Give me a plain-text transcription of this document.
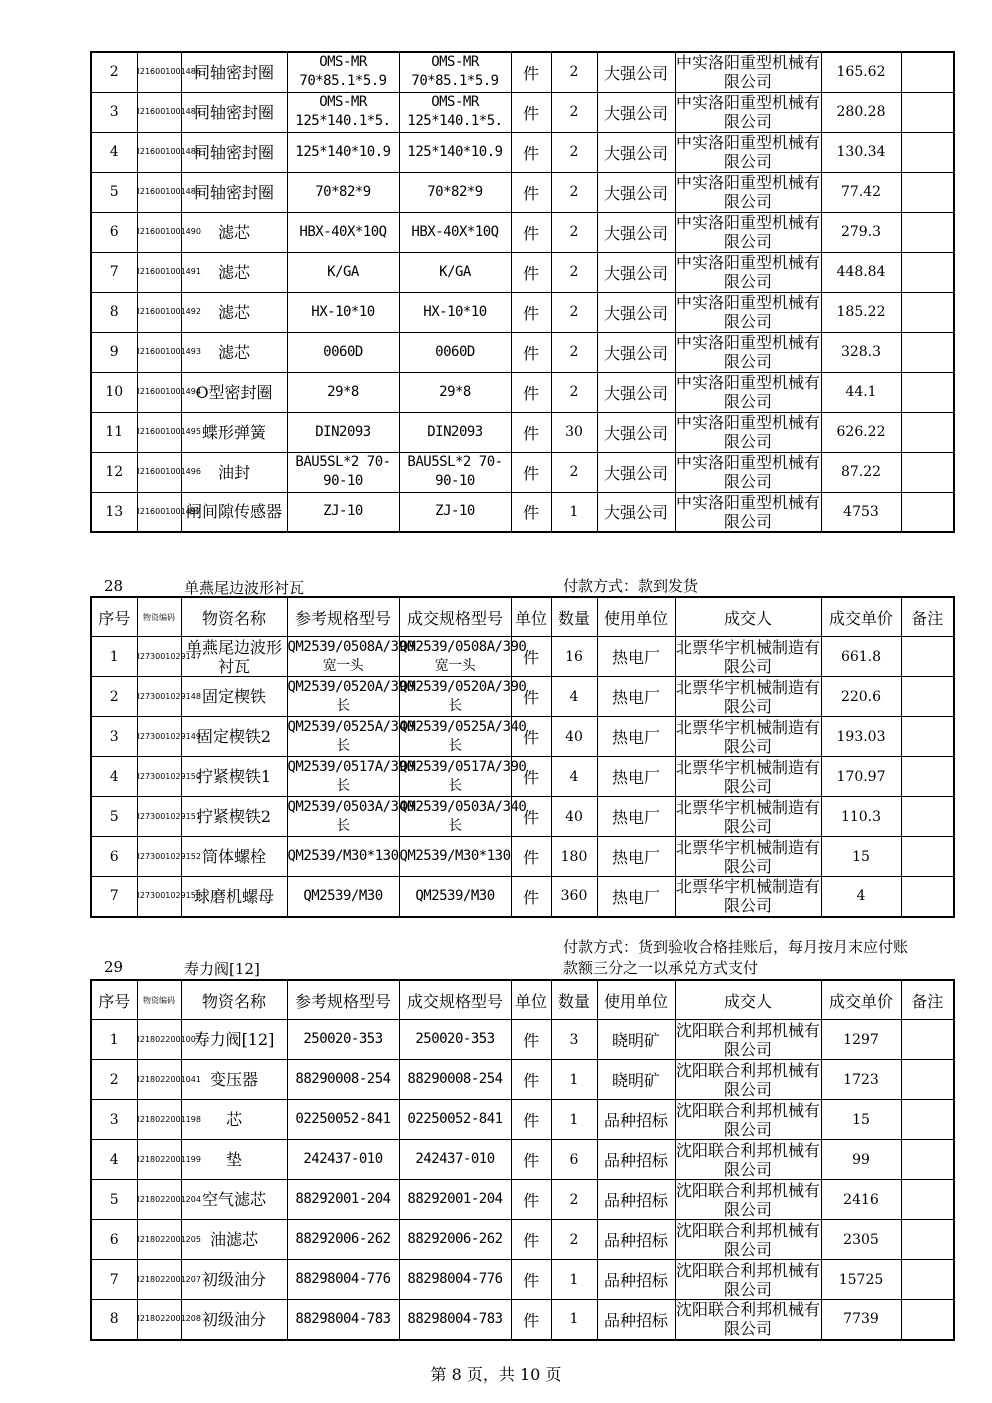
2	I216001001486	同轴密封圈	OMS-MR 70*85.1*5.9	OMS-MR 70*85.1*5.9	件	2	大强公司	中实洛阳重型机械有限公司	165.62	
3	I216001001487	同轴密封圈	OMS-MR 125*140.1*5.	OMS-MR 125*140.1*5.	件	2	大强公司	中实洛阳重型机械有限公司	280.28	
4	I216001001488	同轴密封圈	125*140*10.9	125*140*10.9	件	2	大强公司	中实洛阳重型机械有限公司	130.34	
5	I216001001489	同轴密封圈	70*82*9	70*82*9	件	2	大强公司	中实洛阳重型机械有限公司	77.42	
6	I216001001490	滤芯	HBX-40X*10Q	HBX-40X*10Q	件	2	大强公司	中实洛阳重型机械有限公司	279.3	
7	I216001001491	滤芯	K/GA	K/GA	件	2	大强公司	中实洛阳重型机械有限公司	448.84	
8	I216001001492	滤芯	HX-10*10	HX-10*10	件	2	大强公司	中实洛阳重型机械有限公司	185.22	
9	I216001001493	滤芯	0060D	0060D	件	2	大强公司	中实洛阳重型机械有限公司	328.3	
10	I216001001494	O型密封圈	29*8	29*8	件	2	大强公司	中实洛阳重型机械有限公司	44.1	
11	I216001001495	蝶形弹簧	DIN2093	DIN2093	件	30	大强公司	中实洛阳重型机械有限公司	626.22	
12	I216001001496	油封	BAU5SL*2 70-90-10	BAU5SL*2 70-90-10	件	2	大强公司	中实洛阳重型机械有限公司	87.22	
13	I216001001497	闸间隙传感器	ZJ-10	ZJ-10	件	1	大强公司	中实洛阳重型机械有限公司	4753	
28	单燕尾边波形衬瓦	付款方式：款到发货
序号	物资编码	物资名称	参考规格型号	成交规格型号	单位	数量	使用单位	成交人	成交单价	备注
1	I273001029147	单燕尾边波形衬瓦	QM2539/0508A/390宽一头	QM2539/0508A/390宽一头	件	16	热电厂	北票华宇机械制造有限公司	661.8	
2	I273001029148	固定楔铁	QM2539/0520A/390长	QM2539/0520A/390长	件	4	热电厂	北票华宇机械制造有限公司	220.6	
3	I273001029149	固定楔铁2	QM2539/0525A/340长	QM2539/0525A/340长	件	40	热电厂	北票华宇机械制造有限公司	193.03	
4	I273001029150	拧紧楔铁1	QM2539/0517A/390长	QM2539/0517A/390长	件	4	热电厂	北票华宇机械制造有限公司	170.97	
5	I273001029151	拧紧楔铁2	QM2539/0503A/340长	QM2539/0503A/340长	件	40	热电厂	北票华宇机械制造有限公司	110.3	
6	I273001029152	筒体螺栓	QM2539/M30*130	QM2539/M30*130	件	180	热电厂	北票华宇机械制造有限公司	15	
7	I273001029153	球磨机螺母	QM2539/M30	QM2539/M30	件	360	热电厂	北票华宇机械制造有限公司	4	
29	寿力阀[12]
付款方式：货到验收合格挂账后，每月按月末应付账
款额三分之一以承兑方式支付
序号	物资编码	物资名称	参考规格型号	成交规格型号	单位	数量	使用单位	成交人	成交单价	备注
1	I218022001007	寿力阀[12]	250020-353	250020-353	件	3	晓明矿	沈阳联合利邦机械有限公司	1297	
2	I218022001041	变压器	88290008-254	88290008-254	件	1	晓明矿	沈阳联合利邦机械有限公司	1723	
3	I218022001198	芯	02250052-841	02250052-841	件	1	品种招标	沈阳联合利邦机械有限公司	15	
4	I218022001199	垫	242437-010	242437-010	件	6	品种招标	沈阳联合利邦机械有限公司	99	
5	I218022001204	空气滤芯	88292001-204	88292001-204	件	2	品种招标	沈阳联合利邦机械有限公司	2416	
6	I218022001205	油滤芯	88292006-262	88292006-262	件	2	品种招标	沈阳联合利邦机械有限公司	2305	
7	I218022001207	初级油分	88298004-776	88298004-776	件	1	品种招标	沈阳联合利邦机械有限公司	15725	
8	I218022001208	初级油分	88298004-783	88298004-783	件	1	品种招标	沈阳联合利邦机械有限公司	7739	
第 8 页，共 10 页
